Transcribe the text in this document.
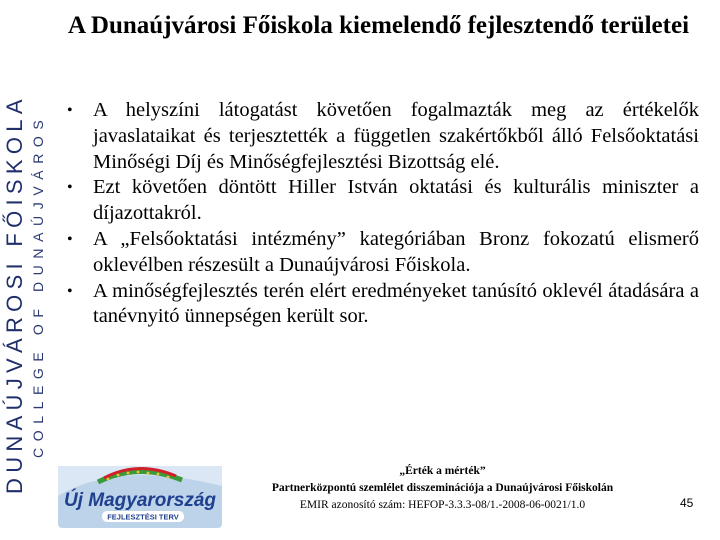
DUNAÚJVÁROSI FŐISKOLA COLLEGE OF DUNAÚJVÁROS
A Dunaújvárosi Főiskola kiemelendő fejlesztendő területei
• A helyszíni látogatást követően fogalmazták meg az értékelők javaslataikat és terjesztették a független szakértőkből álló Felsőoktatási Minőségi Díj és Minőségfejlesztési Bizottság elé.
• Ezt követően döntött Hiller István oktatási és kulturális miniszter a díjazottakról.
• A „Felsőoktatási intézmény” kategóriában Bronz fokozatú elismerő oklevélben részesült a Dunaújvárosi Főiskola.
• A minőségfejlesztés terén elért eredményeket tanúsító oklevél átadására a tanévnyitó ünnepségen került sor.
Új Magyarország
FEJLESZTÉSI TERV
„Érték a mérték”
Partnerközpontú szemlélet disszeminációja a Dunaújvárosi Főiskolán
EMIR azonosító szám: HEFOP-3.3.3-08/1.-2008-06-0021/1.0	45
